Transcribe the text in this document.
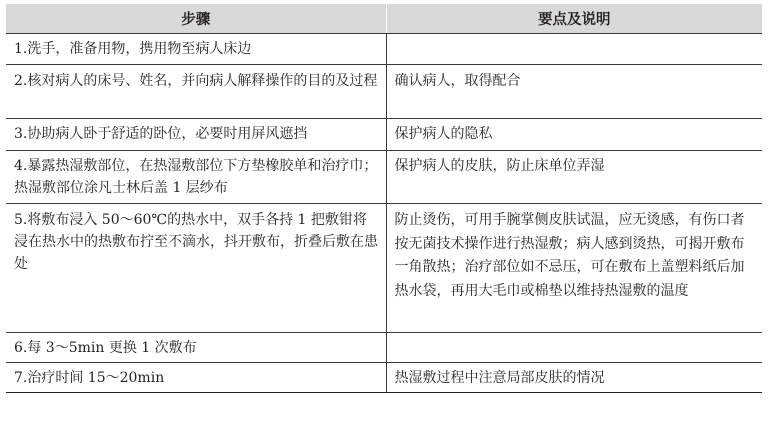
步骤	要点及说明
1.洗手，准备用物，携用物至病人床边	
2.核对病人的床号、姓名，并向病人解释操作的目的及过程	确认病人，取得配合
3.协助病人卧于舒适的卧位，必要时用屏风遮挡	保护病人的隐私
4.暴露热湿敷部位，在热湿敷部位下方垫橡胶单和治疗巾；热湿敷部位涂凡士林后盖 1 层纱布	保护病人的皮肤，防止床单位弄湿
5.将敷布浸入 50～60℃的热水中，双手各持 1 把敷钳将浸在热水中的热敷布拧至不滴水，抖开敷布，折叠后敷在患处	防止烫伤，可用手腕掌侧皮肤试温，应无烫感，有伤口者按无菌技术操作进行热湿敷；病人感到烫热，可揭开敷布一角散热；治疗部位如不忌压，可在敷布上盖塑料纸后加热水袋，再用大毛巾或棉垫以维持热湿敷的温度
6.每 3～5min 更换 1 次敷布	
7.治疗时间 15～20min	热湿敷过程中注意局部皮肤的情况
